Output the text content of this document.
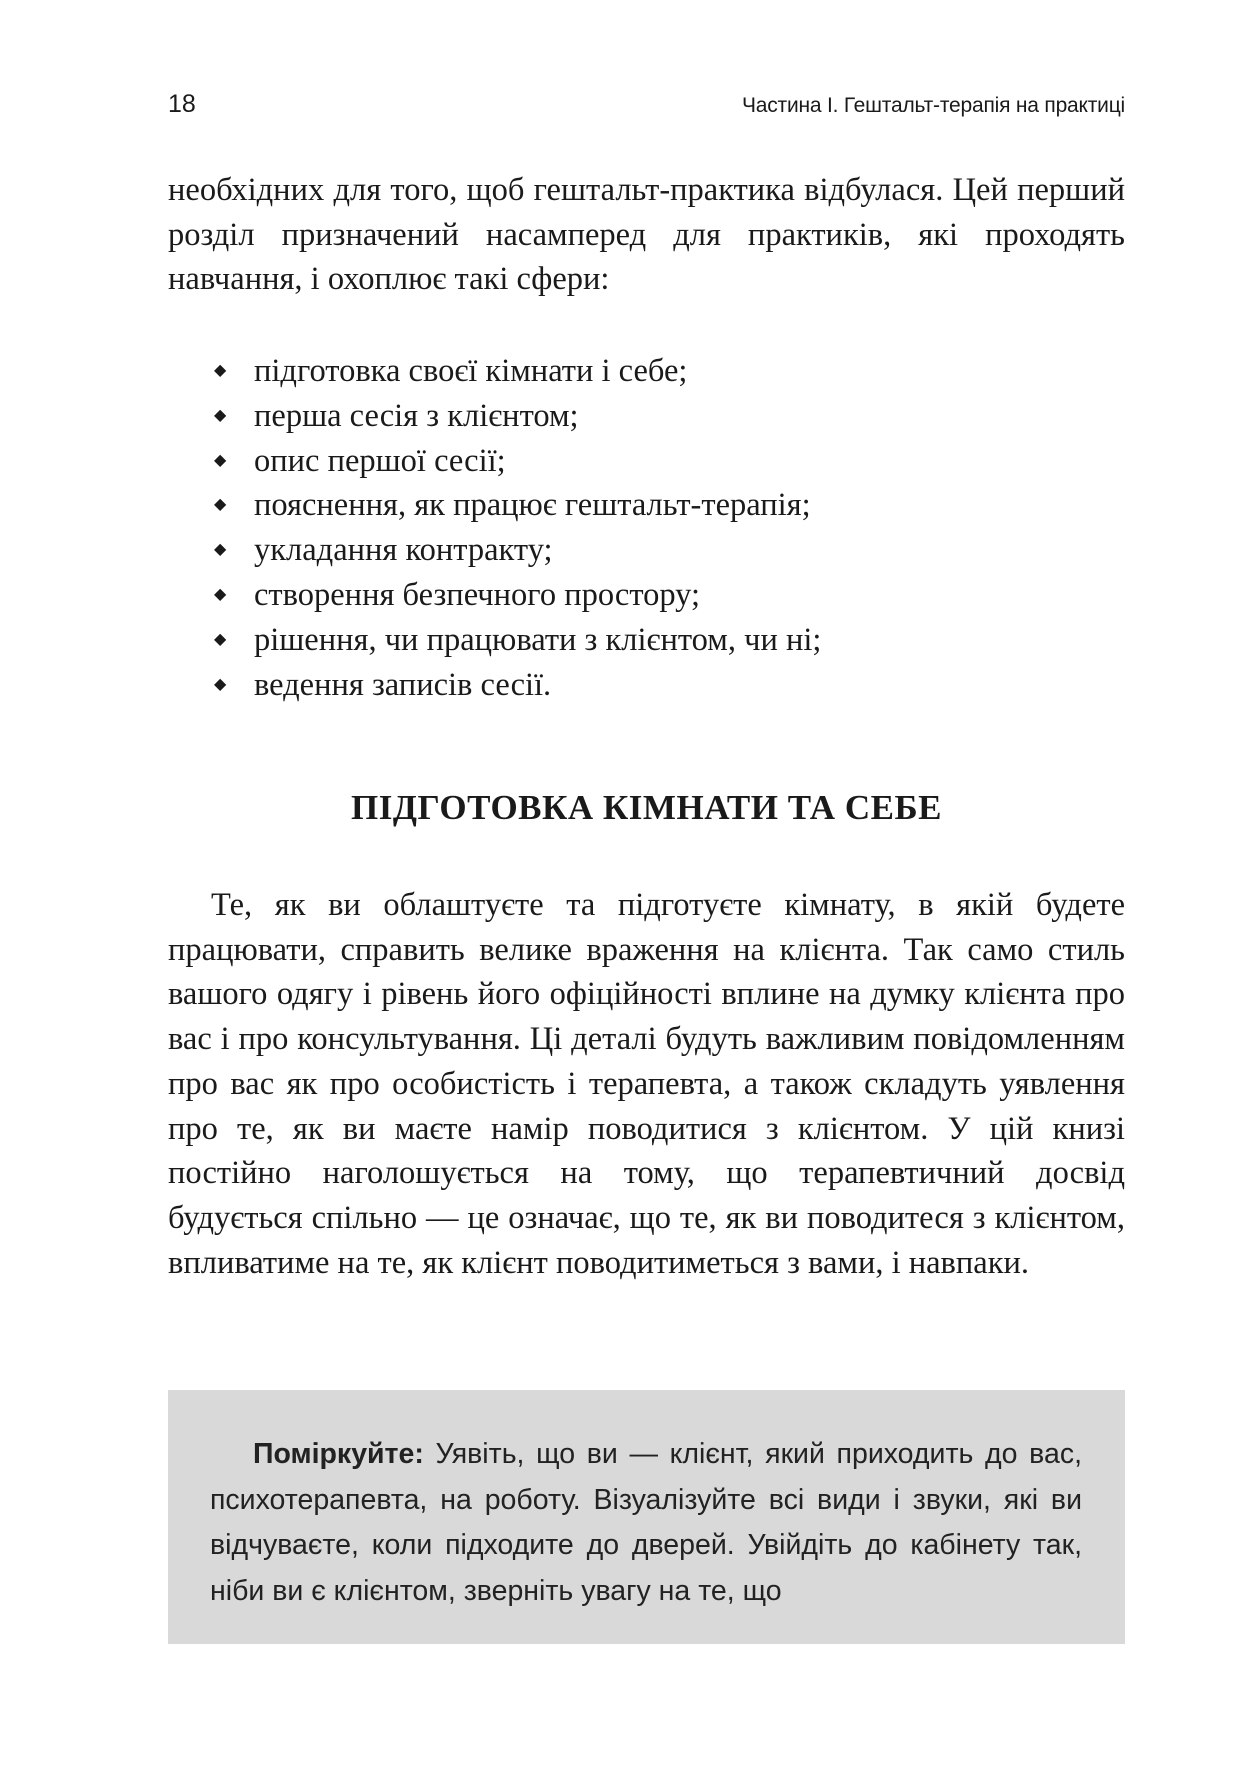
18	Частина І. Гештальт-терапія на практиці

необхідних для того, щоб гештальт-практика відбулася. Цей перший розділ призначений насамперед для практиків, які проходять навчання, і охоплює такі сфери:

◆ підготовка своєї кімнати і себе;
◆ перша сесія з клієнтом;
◆ опис першої сесії;
◆ пояснення, як працює гештальт-терапія;
◆ укладання контракту;
◆ створення безпечного простору;
◆ рішення, чи працювати з клієнтом, чи ні;
◆ ведення записів сесії.
ПІДГОТОВКА КІМНАТИ ТА СЕБЕ

Те, як ви облаштуєте та підготуєте кімнату, в якій будете працювати, справить велике враження на клієнта. Так само стиль вашого одягу і рівень його офіційності вплине на думку клієнта про вас і про консультування. Ці деталі будуть важливим повідомленням про вас як про особистість і терапевта, а також складуть уявлення про те, як ви маєте намір поводитися з клієнтом. У цій книзі постійно наголошується на тому, що терапевтичний досвід будується спільно — це означає, що те, як ви поводитеся з клієнтом, впливатиме на те, як клієнт поводитиметься з вами, і навпаки.

Поміркуйте: Уявіть, що ви — клієнт, який приходить до вас, психотерапевта, на роботу. Візуалізуйте всі види і звуки, які ви відчуваєте, коли підходите до дверей. Увійдіть до кабінету так, ніби ви є клієнтом, зверніть увагу на те, що
